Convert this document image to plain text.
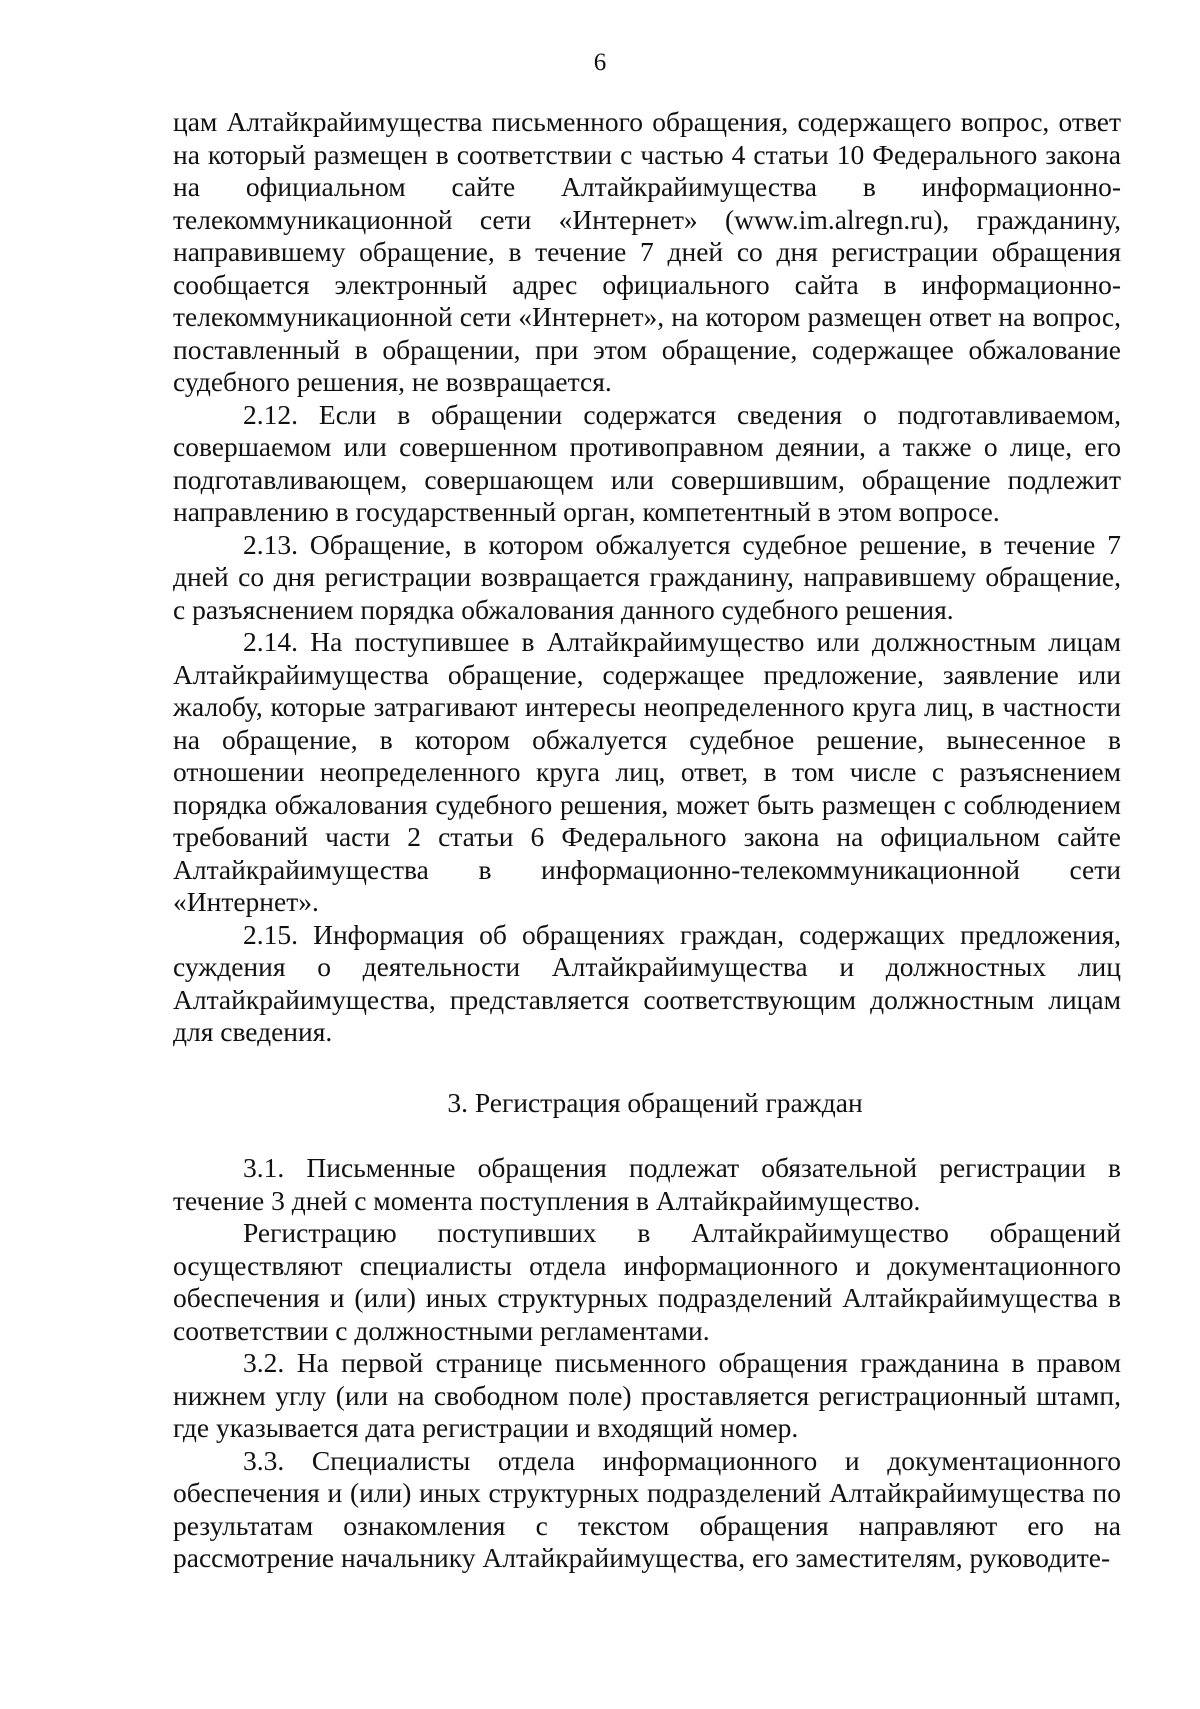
6

цам Алтайкрайимущества письменного обращения, содержащего вопрос, ответ на который размещен в соответствии с частью 4 статьи 10 Федерального закона на официальном сайте Алтайкрайимущества в информационно-телекоммуникационной сети «Интернет» (www.im.alregn.ru), гражданину, направившему обращение, в течение 7 дней со дня регистрации обращения сообщается электронный адрес официального сайта в информационно-телекоммуникационной сети «Интернет», на котором размещен ответ на вопрос, поставленный в обращении, при этом обращение, содержащее обжалование судебного решения, не возвращается.

2.12. Если в обращении содержатся сведения о подготавливаемом, совершаемом или совершенном противоправном деянии, а также о лице, его подготавливающем, совершающем или совершившим, обращение подлежит направлению в государственный орган, компетентный в этом вопросе.

2.13. Обращение, в котором обжалуется судебное решение, в течение 7 дней со дня регистрации возвращается гражданину, направившему обращение, с разъяснением порядка обжалования данного судебного решения.

2.14. На поступившее в Алтайкрайимущество или должностным лицам Алтайкрайимущества обращение, содержащее предложение, заявление или жалобу, которые затрагивают интересы неопределенного круга лиц, в частности на обращение, в котором обжалуется судебное решение, вынесенное в отношении неопределенного круга лиц, ответ, в том числе с разъяснением порядка обжалования судебного решения, может быть размещен с соблюдением требований части 2 статьи 6 Федерального закона на официальном сайте Алтайкрайимущества в информационно-телекоммуникационной сети «Интернет».

2.15. Информация об обращениях граждан, содержащих предложения, суждения о деятельности Алтайкрайимущества и должностных лиц Алтайкрайимущества, представляется соответствующим должностным лицам для сведения.

3. Регистрация обращений граждан

3.1. Письменные обращения подлежат обязательной регистрации в течение 3 дней с момента поступления в Алтайкрайимущество.

Регистрацию поступивших в Алтайкрайимущество обращений осуществляют специалисты отдела информационного и документационного обеспечения и (или) иных структурных подразделений Алтайкрайимущества в соответствии с должностными регламентами.

3.2. На первой странице письменного обращения гражданина в правом нижнем углу (или на свободном поле) проставляется регистрационный штамп, где указывается дата регистрации и входящий номер.

3.3. Специалисты отдела информационного и документационного обеспечения и (или) иных структурных подразделений Алтайкрайимущества по результатам ознакомления с текстом обращения направляют его на рассмотрение начальнику Алтайкрайимущества, его заместителям, руководите-
